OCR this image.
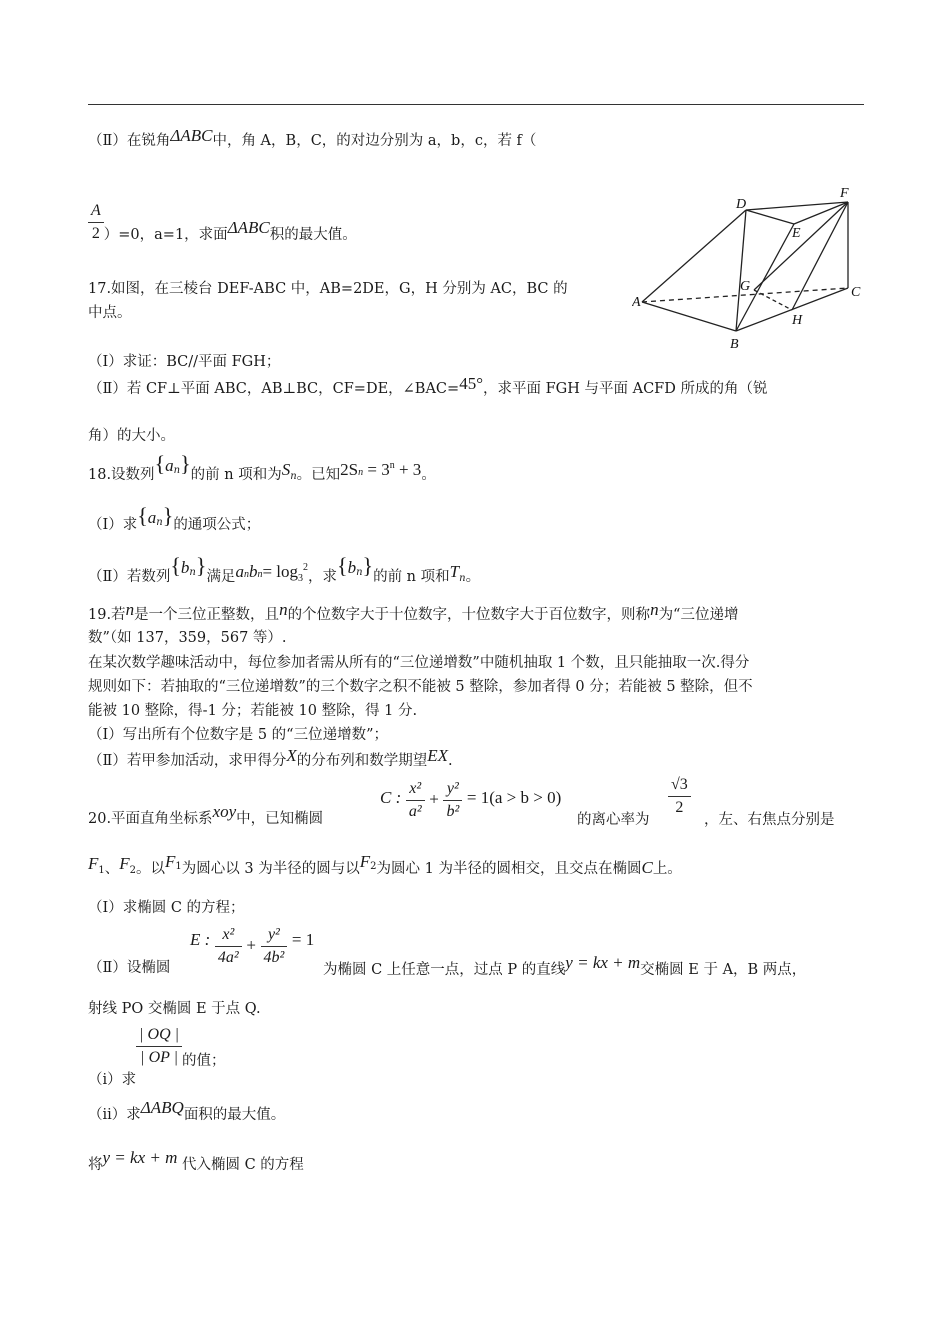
（Ⅱ）在锐角ΔABC中，角 A，B，C，的对边分别为 a，b，c，若 f（
$\frac{A}{2} )=0$，a=1，求面ΔABC积的最大值。
17.如图，在三棱台 DEF-ABC 中，AB=2DE，G，H 分别为 AC，BC 的
中点。
D
F
E
A
G	C
H
B
（Ⅰ）求证：BC//平面 FGH；
（Ⅱ）若 CF⊥平面 ABC，AB⊥BC，CF=DE，∠BAC=45°，求平面 FGH 与平面 ACFD 所成的角（锐
角）的大小。
18.设数列$\{a^n\}$的前 n 项和为Sn。已知$2Sn = 3^n + 3$。
（Ⅰ）求$\{a^n\}$的通项公式；
（Ⅱ）若数列$\{b^n\}$满足anbn= $\log_3^2$，求$\{b^n\}$的前 n 项和Tn。
19.若n是一个三位正整数，且n的个位数字大于十位数字，十位数字大于百位数字，则称n为“三位递增
数”（如 137，359，567 等）.
在某次数学趣味活动中，每位参加者需从所有的“三位递增数”中随机抽取 1 个数，且只能抽取一次.得分
规则如下：若抽取的“三位递增数”的三个数字之积不能被 5 整除，参加者得 0 分；若能被 5 整除，但不
能被 10 整除，得-1 分；若能被 10 整除，得 1 分.
（Ⅰ）写出所有个位数字是 5 的“三位递增数”；
（Ⅱ）若甲参加活动，求甲得分X的分布列和数学期望EX.
20.平面直角坐标系xoy中，已知椭圆
C : $\frac{\text{x²}}{\text{a²}} + \frac{\text{y²}}{\text{b²}} = 1(a > b > 0)$
的离心率为
$\frac{√3}{2}$
，左、右焦点分别是
F1、F2。以$F^1$为圆心以 3 为半径的圆与以$F^2$为圆心 1 为半径的圆相交，且交点在椭圆C上。
（Ⅰ）求椭圆 C 的方程；
（Ⅱ）设椭圆
E : $\frac{\text{x²}}{\text{4a²}} + \frac{\text{y²}}{\text{4b²}} = 1$
为椭圆 C 上任意一点，过点 P 的直线y = kx + m交椭圆 E 于 A，B 两点，
射线 PO 交椭圆 E 于点 Q.
（i）求
$\frac{| OQ |}{| OP |}$ 的值；
（ii）求ΔABQ面积的最大值。
将y = kx + m 代入椭圆 C 的方程
